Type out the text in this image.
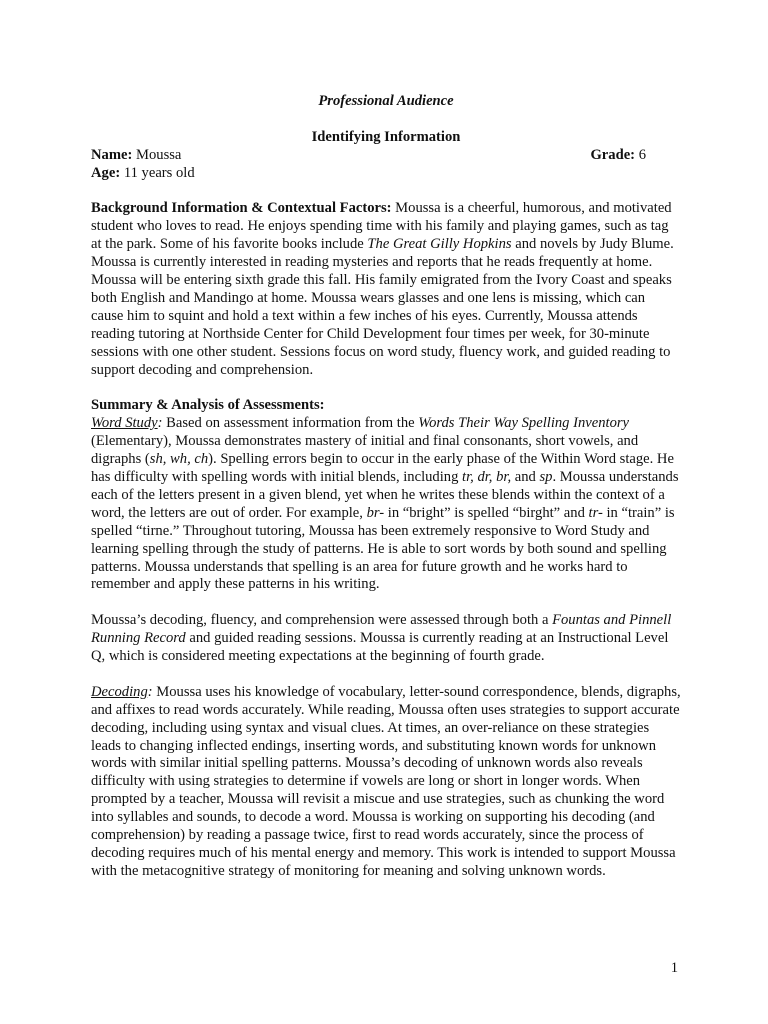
Professional Audience

Identifying Information

Name: Moussa	Grade: 6

Age: 11 years old

Background Information & Contextual Factors: Moussa is a cheerful, humorous, and motivated student who loves to read. He enjoys spending time with his family and playing games, such as tag at the park. Some of his favorite books include The Great Gilly Hopkins and novels by Judy Blume. Moussa is currently interested in reading mysteries and reports that he reads frequently at home. Moussa will be entering sixth grade this fall. His family emigrated from the Ivory Coast and speaks both English and Mandingo at home. Moussa wears glasses and one lens is missing, which can cause him to squint and hold a text within a few inches of his eyes. Currently, Moussa attends reading tutoring at Northside Center for Child Development four times per week, for 30-minute sessions with one other student. Sessions focus on word study, fluency work, and guided reading to support decoding and comprehension.

Summary & Analysis of Assessments:

Word Study: Based on assessment information from the Words Their Way Spelling Inventory (Elementary), Moussa demonstrates mastery of initial and final consonants, short vowels, and digraphs (sh, wh, ch). Spelling errors begin to occur in the early phase of the Within Word stage. He has difficulty with spelling words with initial blends, including tr, dr, br, and sp. Moussa understands each of the letters present in a given blend, yet when he writes these blends within the context of a word, the letters are out of order. For example, br- in “bright” is spelled “birght” and tr- in “train” is spelled “tirne.” Throughout tutoring, Moussa has been extremely responsive to Word Study and learning spelling through the study of patterns. He is able to sort words by both sound and spelling patterns. Moussa understands that spelling is an area for future growth and he works hard to remember and apply these patterns in his writing.

Moussa’s decoding, fluency, and comprehension were assessed through both a Fountas and Pinnell Running Record and guided reading sessions. Moussa is currently reading at an Instructional Level Q, which is considered meeting expectations at the beginning of fourth grade.

Decoding: Moussa uses his knowledge of vocabulary, letter-sound correspondence, blends, digraphs, and affixes to read words accurately. While reading, Moussa often uses strategies to support accurate decoding, including using syntax and visual clues. At times, an over-reliance on these strategies leads to changing inflected endings, inserting words, and substituting known words for unknown words with similar initial spelling patterns. Moussa’s decoding of unknown words also reveals difficulty with using strategies to determine if vowels are long or short in longer words. When prompted by a teacher, Moussa will revisit a miscue and use strategies, such as chunking the word into syllables and sounds, to decode a word. Moussa is working on supporting his decoding (and comprehension) by reading a passage twice, first to read words accurately, since the process of decoding requires much of his mental energy and memory. This work is intended to support Moussa with the metacognitive strategy of monitoring for meaning and solving unknown words.

1
